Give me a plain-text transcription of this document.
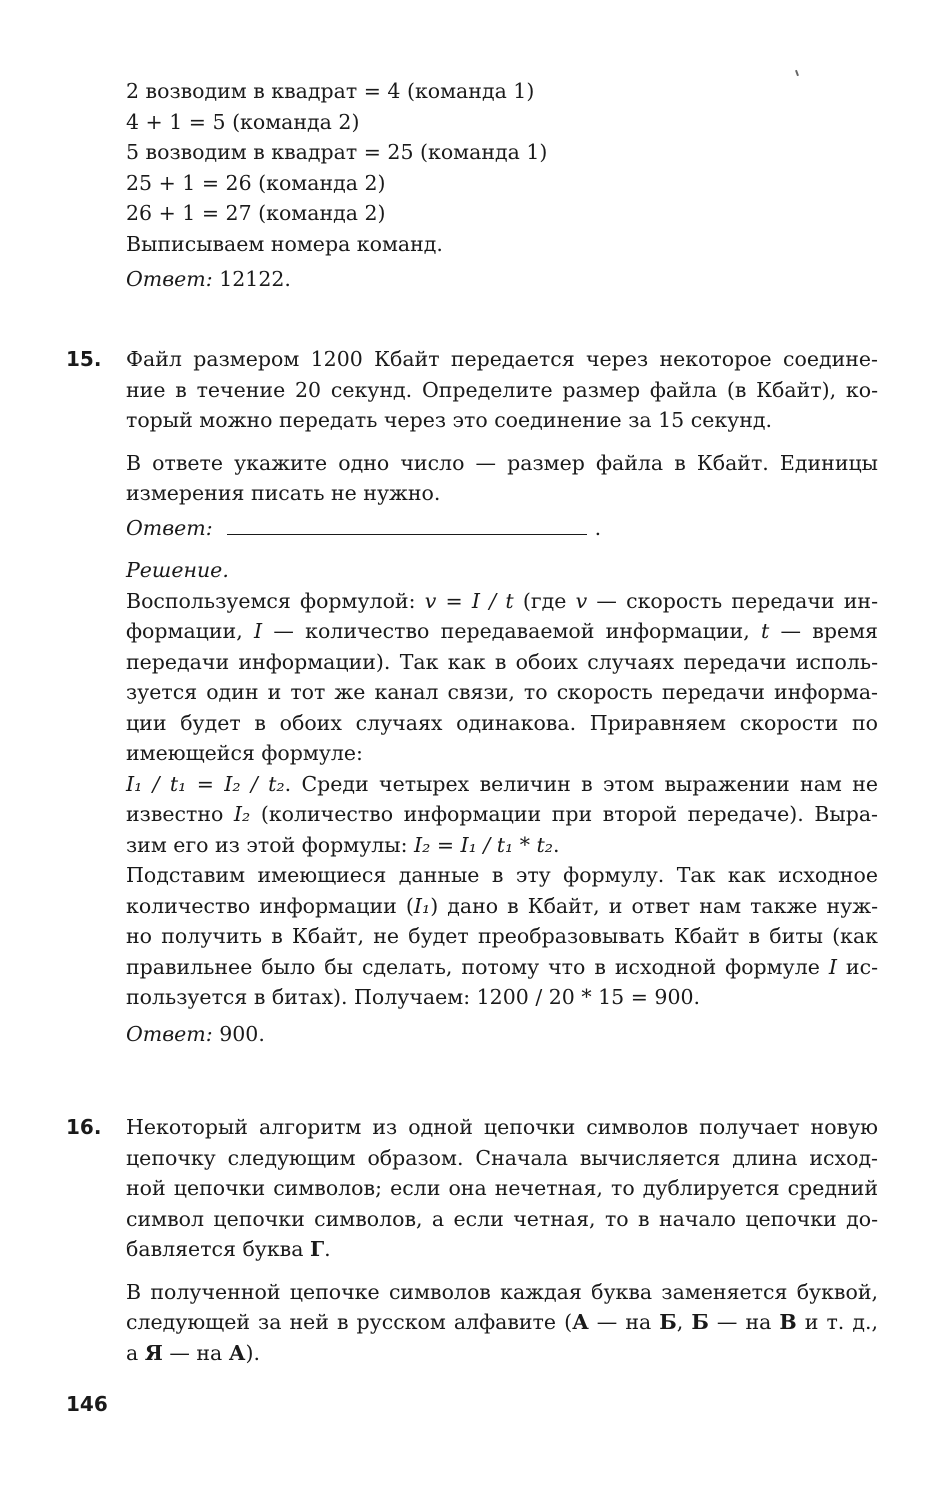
2 возводим в квадрат = 4 (команда 1)
4 + 1 = 5 (команда 2)
5 возводим в квадрат = 25 (команда 1)
25 + 1 = 26 (команда 2)
26 + 1 = 27 (команда 2)
Выписываем номера команд.
Ответ: 12122.
15. Файл размером 1200 Кбайт передается через некоторое соедине-
ние в течение 20 секунд. Определите размер файла (в Кбайт), ко-
торый можно передать через это соединение за 15 секунд.
В ответе укажите одно число — размер файла в Кбайт. Единицы
измерения писать не нужно.
Ответ:	.
Решение.
Воспользуемся формулой: v = I / t (где v — скорость передачи ин-
формации, I — количество передаваемой информации, t — время
передачи информации). Так как в обоих случаях передачи исполь-
зуется один и тот же канал связи, то скорость передачи информа-
ции будет в обоих случаях одинакова. Приравняем скорости по
имеющейся формуле:
I₁ / t₁ = I₂ / t₂. Среди четырех величин в этом выражении нам не
известно I₂ (количество информации при второй передаче). Выра-
зим его из этой формулы: I₂ = I₁ / t₁ * t₂.
Подставим имеющиеся данные в эту формулу. Так как исходное
количество информации (I₁) дано в Кбайт, и ответ нам также нуж-
но получить в Кбайт, не будет преобразовывать Кбайт в биты (как
правильнее было бы сделать, потому что в исходной формуле I ис-
пользуется в битах). Получаем: 1200 / 20 * 15 = 900.
Ответ: 900.
16. Некоторый алгоритм из одной цепочки символов получает новую
цепочку следующим образом. Сначала вычисляется длина исход-
ной цепочки символов; если она нечетная, то дублируется средний
символ цепочки символов, а если четная, то в начало цепочки до-
бавляется буква Г.
В полученной цепочке символов каждая буква заменяется буквой,
следующей за ней в русском алфавите (А — на Б, Б — на В и т. д.,
а Я — на А).
146
